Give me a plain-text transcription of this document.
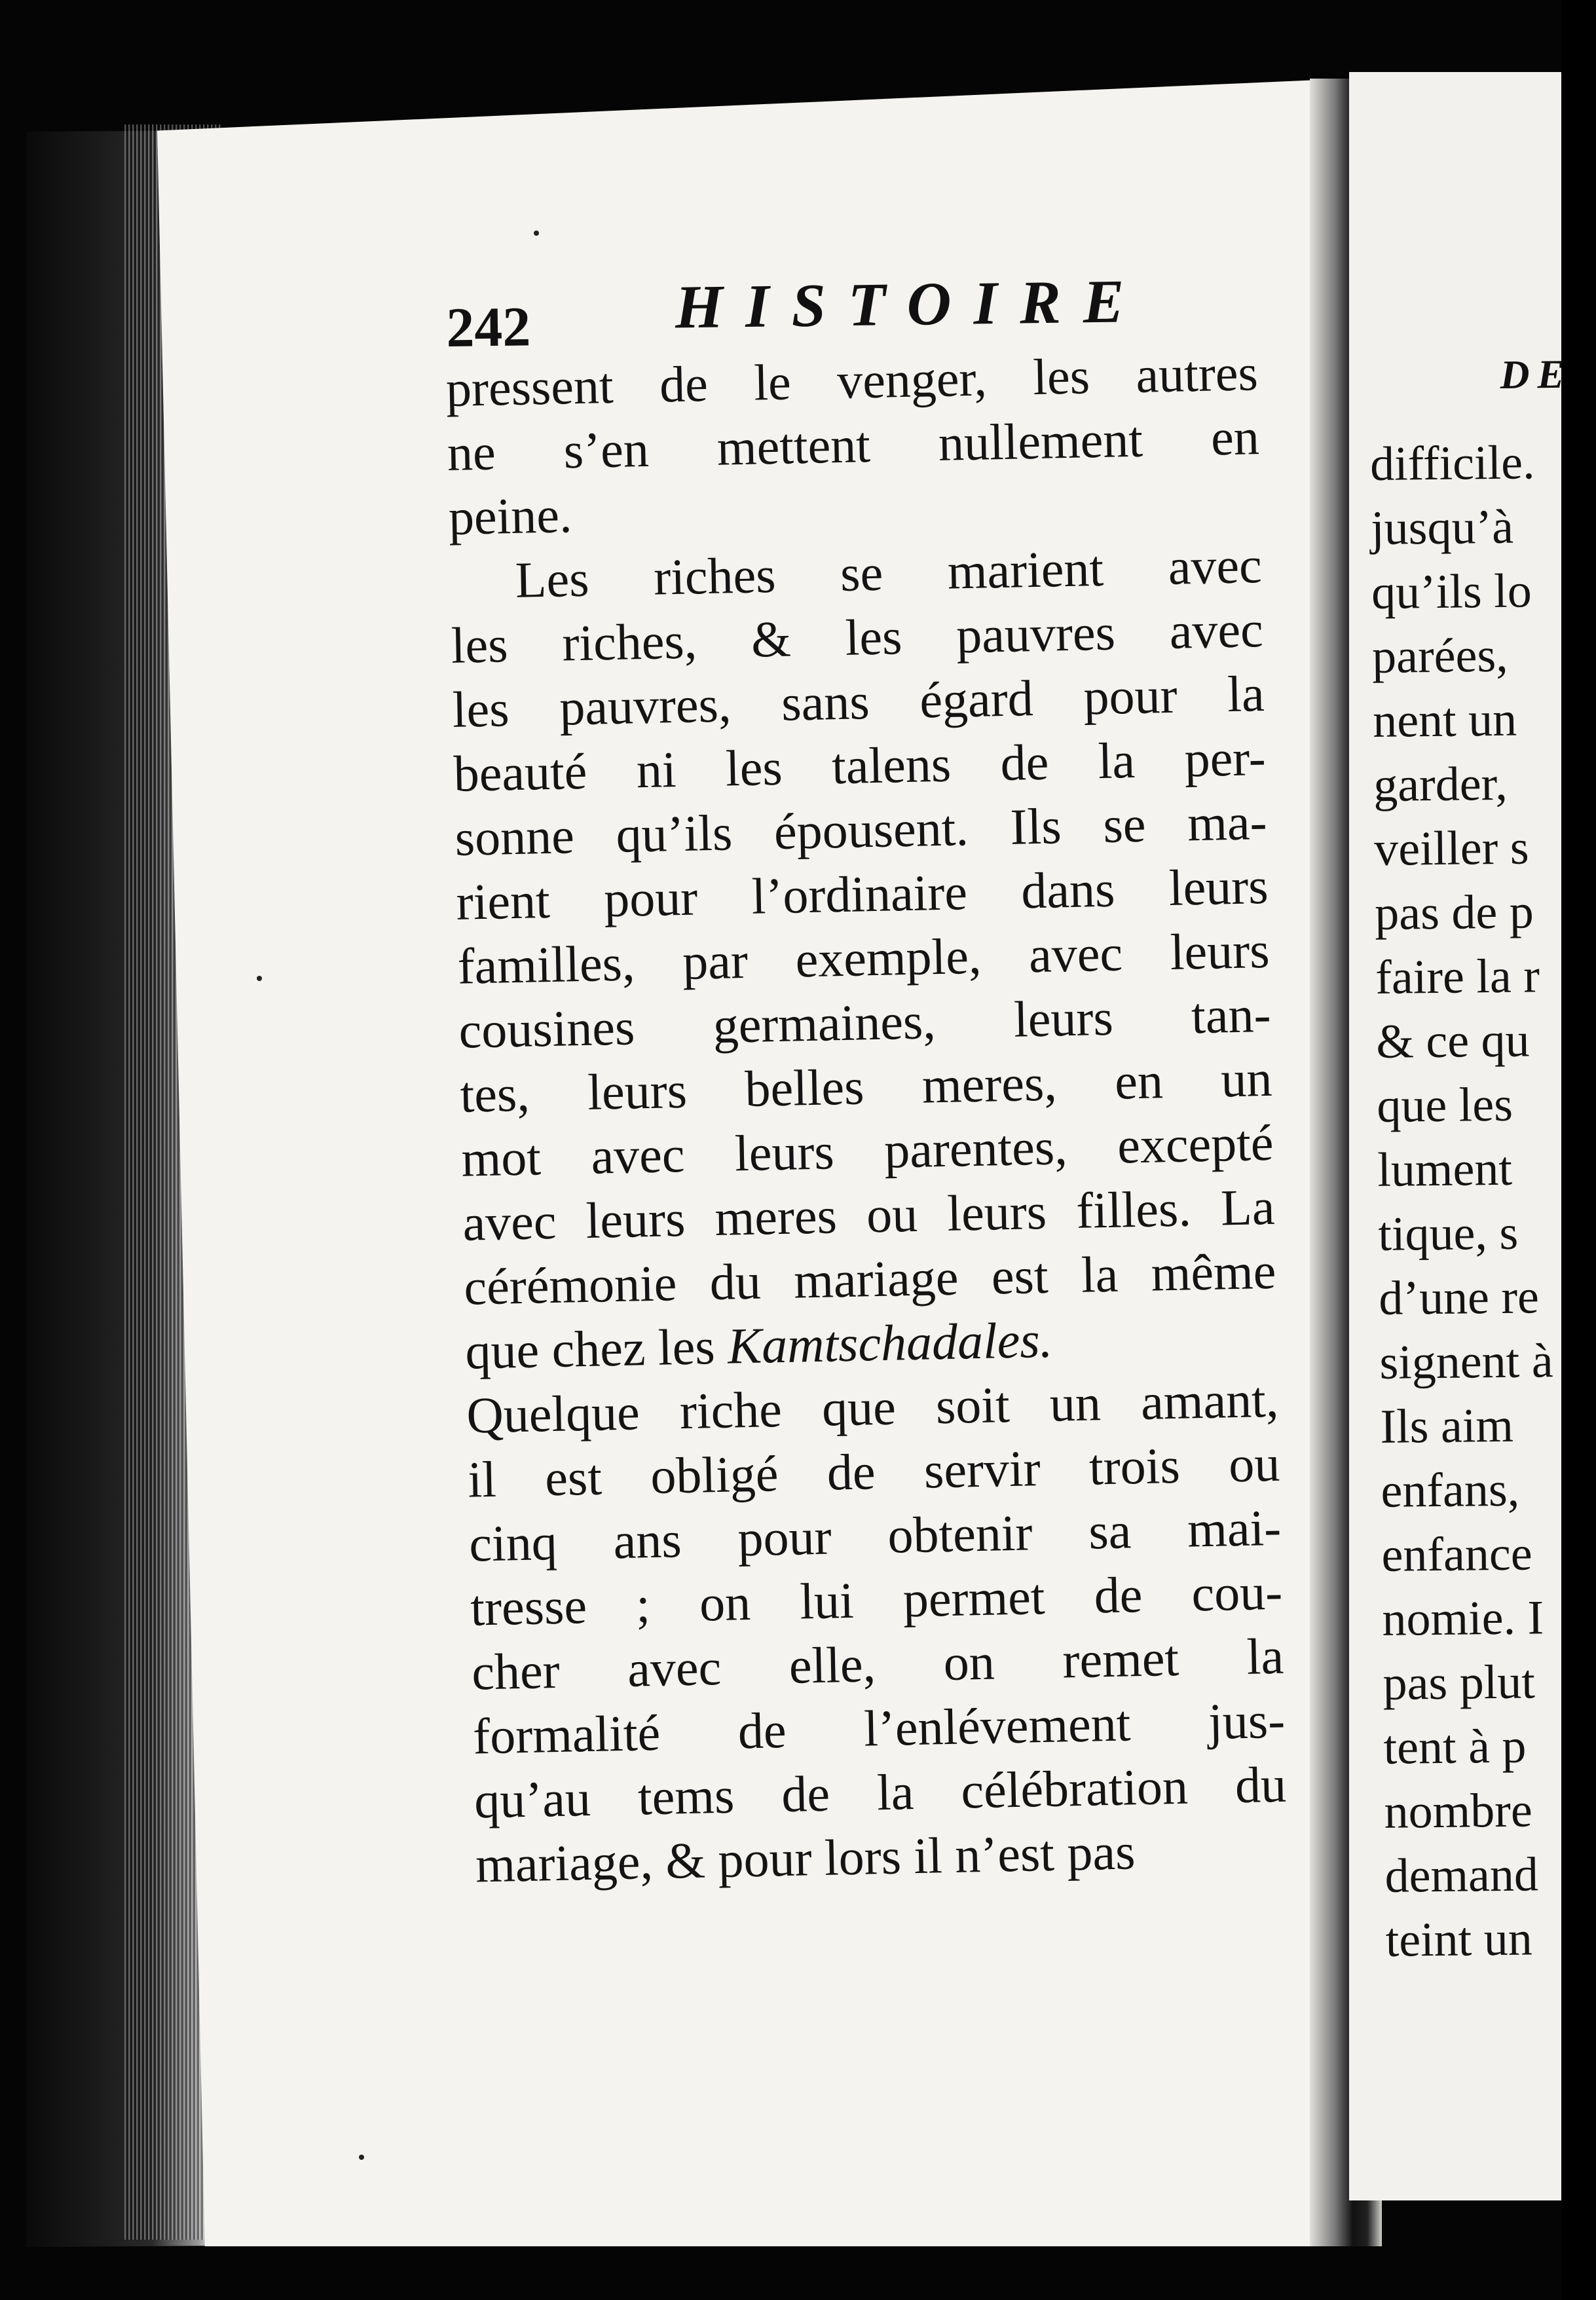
DE
difficile.
jusqu’à
qu’ils lo
parées,
nent un
garder,
veiller s
pas de p
faire la r
& ce qu
que les
lument
tique, s
d’une re
signent à
Ils aim
enfans,
enfance
nomie. I
pas plut
tent à p
nombre
demand
teint un
242 HISTOIRE
pressent de le venger, les autres
ne s’en mettent nullement en
peine.
Les riches se marient avec
les riches, & les pauvres avec
les pauvres, sans égard pour la
beauté ni les talens de la per-
sonne qu’ils épousent. Ils se ma-
rient pour l’ordinaire dans leurs
familles, par exemple, avec leurs
cousines germaines, leurs tan-
tes, leurs belles meres, en un
mot avec leurs parentes, excepté
avec leurs meres ou leurs filles. La
cérémonie du mariage est la même
que chez les Kamtschadales.
Quelque riche que soit un amant,
il est obligé de servir trois ou
cinq ans pour obtenir sa mai-
tresse ; on lui permet de cou-
cher avec elle, on remet la
formalité de l’enlévement jus-
qu’au tems de la célébration du
mariage, & pour lors il n’est pas
